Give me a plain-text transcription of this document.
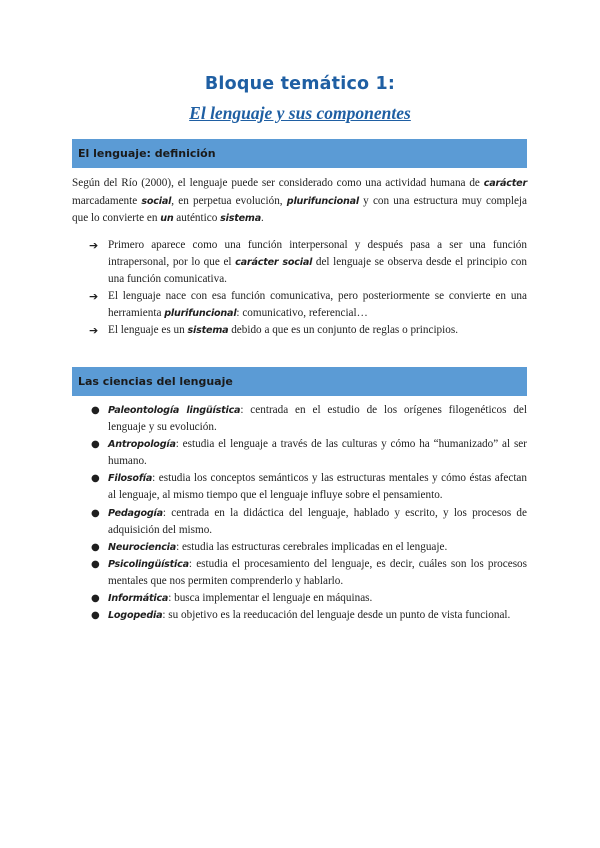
Bloque temático 1:
El lenguaje y sus componentes
El lenguaje: definición

Según del Río (2000), el lenguaje puede ser considerado como una actividad humana de carácter marcadamente social, en perpetua evolución, plurifuncional y con una estructura muy compleja que lo convierte en un auténtico sistema.

➔ Primero aparece como una función interpersonal y después pasa a ser una función intrapersonal, por lo que el carácter social del lenguaje se observa desde el principio con una función comunicativa.
➔ El lenguaje nace con esa función comunicativa, pero posteriormente se convierte en una herramienta plurifuncional: comunicativo, referencial…
➔ El lenguaje es un sistema debido a que es un conjunto de reglas o principios.
Las ciencias del lenguaje
● Paleontología lingüística: centrada en el estudio de los orígenes filogenéticos del lenguaje y su evolución.
● Antropología: estudia el lenguaje a través de las culturas y cómo ha “humanizado” al ser humano.
● Filosofía: estudia los conceptos semánticos y las estructuras mentales y cómo éstas afectan al lenguaje, al mismo tiempo que el lenguaje influye sobre el pensamiento.
● Pedagogía: centrada en la didáctica del lenguaje, hablado y escrito, y los procesos de adquisición del mismo.
● Neurociencia: estudia las estructuras cerebrales implicadas en el lenguaje.
● Psicolingüística: estudia el procesamiento del lenguaje, es decir, cuáles son los procesos mentales que nos permiten comprenderlo y hablarlo.
● Informática: busca implementar el lenguaje en máquinas.
● Logopedia: su objetivo es la reeducación del lenguaje desde un punto de vista funcional.
